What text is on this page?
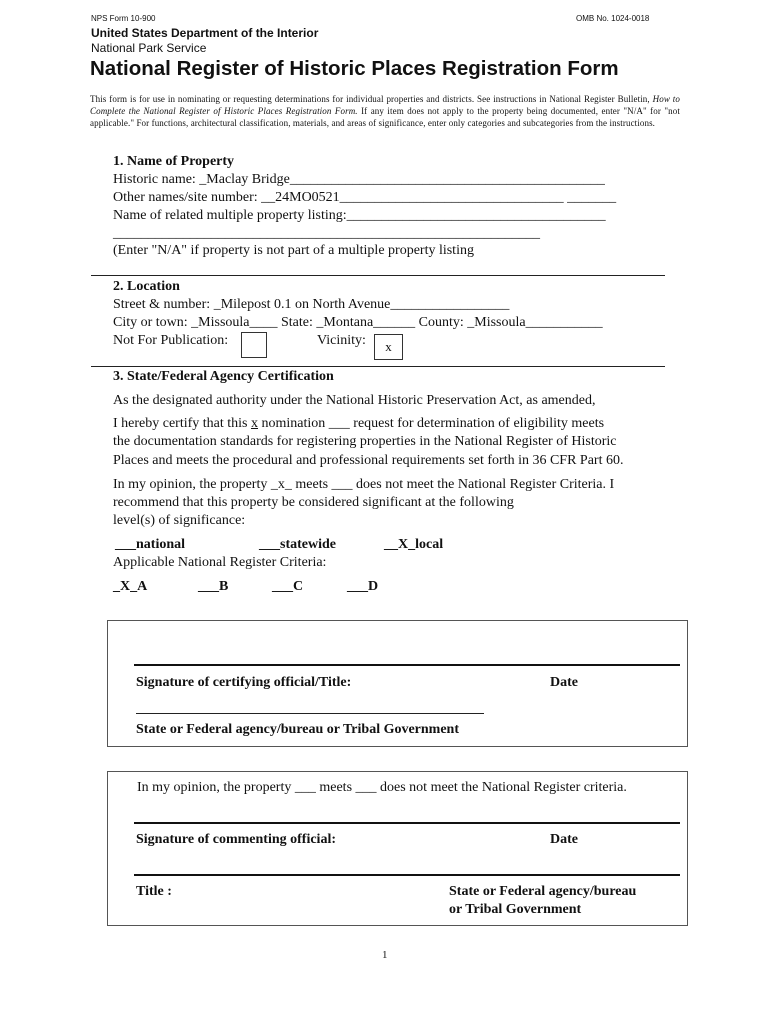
NPS Form 10-900	OMB No. 1024-0018
United States Department of the Interior
National Park Service
National Register of Historic Places Registration Form
This form is for use in nominating or requesting determinations for individual properties and districts. See instructions in National Register Bulletin, How to Complete the National Register of Historic Places Registration Form. If any item does not apply to the property being documented, enter "N/A" for "not applicable." For functions, architectural classification, materials, and areas of significance, enter only categories and subcategories from the instructions.
1. Name of Property
Historic name: _Maclay Bridge_____________________________________________
Other names/site number: __24MO0521________________________________ _______
Name of related multiple property listing:_____________________________________
_____________________________________________________________
(Enter "N/A" if property is not part of a multiple property listing
2. Location
Street & number: _Milepost 0.1 on North Avenue_________________
City or town: _Missoula____ State: _Montana______ County: _Missoula___________
Not For Publication:	Vicinity:	x
3. State/Federal Agency Certification
As the designated authority under the National Historic Preservation Act, as amended,
I hereby certify that this x nomination ___ request for determination of eligibility meets
the documentation standards for registering properties in the National Register of Historic
Places and meets the procedural and professional requirements set forth in 36 CFR Part 60.
In my opinion, the property _x_ meets ___ does not meet the National Register Criteria. I
recommend that this property be considered significant at the following
level(s) of significance:
___national	___statewide	__X_local
Applicable National Register Criteria:
_X_A	___B	___C	___D
Signature of certifying official/Title:	Date
State or Federal agency/bureau or Tribal Government
In my opinion, the property ___ meets ___ does not meet the National Register criteria.
Signature of commenting official:	Date
Title :	State or Federal agency/bureau
or Tribal Government
1
